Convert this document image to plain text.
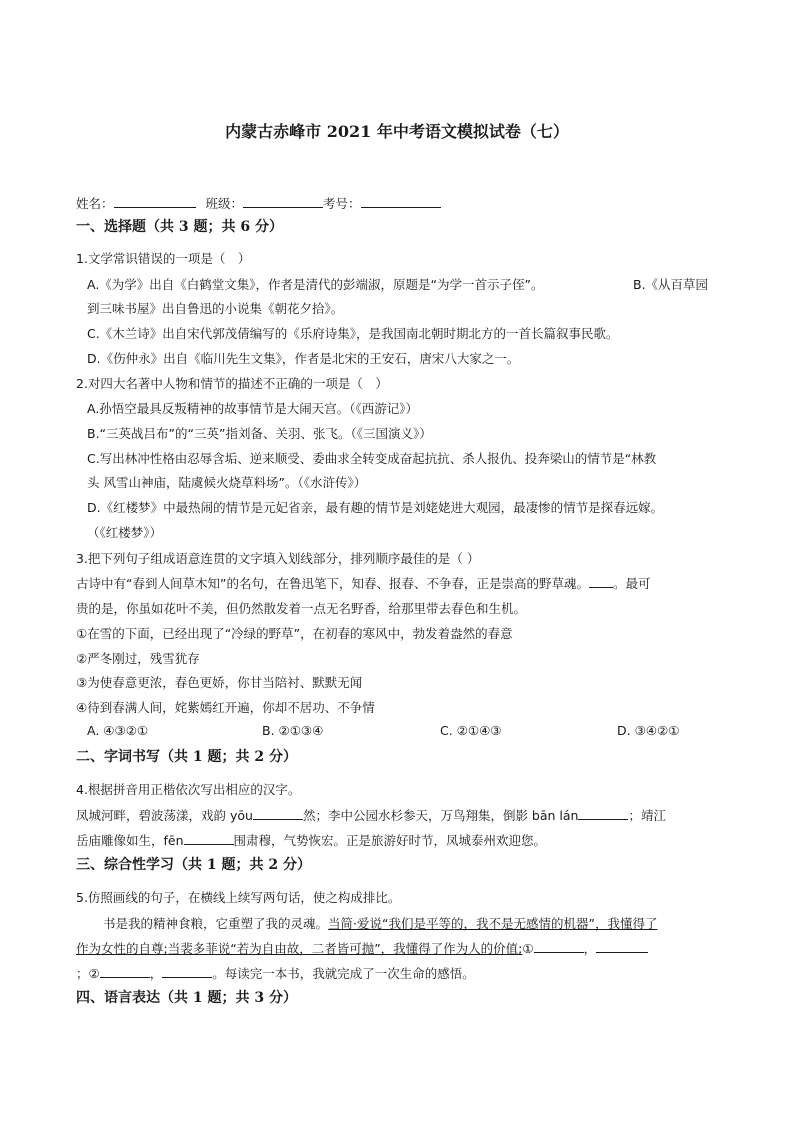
内蒙古赤峰市 2021 年中考语文模拟试卷（七）
姓名：	班级：	考号：
一、选择题（共 3 题；共 6 分）
1.文学常识错误的一项是（　）
A.《为学》出自《白鹤堂文集》，作者是清代的彭端淑，原题是“为学一首示子侄”。	B.《从百草园
到三味书屋》出自鲁迅的小说集《朝花夕拾》。
C.《木兰诗》出自宋代郭茂倩编写的《乐府诗集》，是我国南北朝时期北方的一首长篇叙事民歌。
D.《伤仲永》出自《临川先生文集》，作者是北宋的王安石，唐宋八大家之一。
2.对四大名著中人物和情节的描述不正确的一项是（　）
A.孙悟空最具反叛精神的故事情节是大闹天宫。（《西游记》）
B.“三英战吕布”的“三英”指刘备、关羽、张飞。（《三国演义》）
C.写出林冲性格由忍辱含垢、逆来顺受、委曲求全转变成奋起抗抗、杀人报仇、投奔梁山的情节是“林教
头 风雪山神庙，陆虞候火烧草料场”。（《水浒传》）
D.《红楼梦》中最热闹的情节是元妃省亲，最有趣的情节是刘姥姥进大观园，最凄惨的情节是探春远嫁。
（《红楼梦》）
3.把下列句子组成语意连贯的文字填入划线部分，排列顺序最佳的是（ ）
古诗中有“春到人间草木知”的名句，在鲁迅笔下，知春、报春、不争春，正是崇高的野草魂。 。最可
贵的是，你虽如花叶不美，但仍然散发着一点无名野香，给那里带去春色和生机。
①在雪的下面，已经出现了“冷绿的野草”，在初春的寒风中，勃发着盎然的春意
②严冬刚过，残雪犹存
③为使春意更浓，春色更娇，你甘当陪衬、默默无闻
④待到春满人间，姹紫嫣红开遍，你却不居功、不争情
A. ④③②①	B. ②①③④	C. ②①④③	D. ③④②①
二、字词书写（共 1 题；共 2 分）
4.根据拼音用正楷依次写出相应的汉字。
凤城河畔，碧波荡漾，戏韵 yōu	然；李中公园水杉参天，万鸟翔集，倒影 bān lán	；靖江
岳庙雕像如生，fēn	围肃穆，气势恢宏。正是旅游好时节，凤城泰州欢迎您。
三、综合性学习（共 1 题；共 2 分）
5.仿照画线的句子，在横线上续写两句话，使之构成排比。
书是我的精神食粮，它重塑了我的灵魂。当简·爱说“我们是平等的，我不是无感情的机器”，我懂得了
作为女性的自尊;当裴多菲说“若为自由故，二者皆可抛”，我懂得了作为人的价值;①	，
；②	，	。每读完一本书，我就完成了一次生命的感悟。
四、语言表达（共 1 题；共 3 分）
